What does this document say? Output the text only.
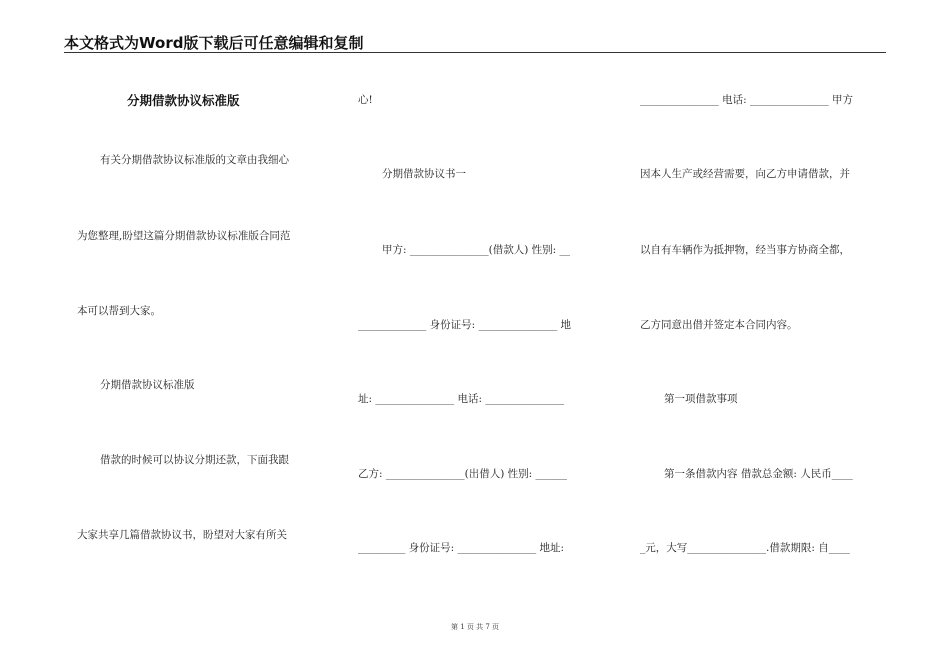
本文格式为Word版下载后可任意编辑和复制
分期借款协议标准版
有关分期借款协议标准版的文章由我细心
为您整理,盼望这篇分期借款协议标准版合同范
本可以帮到大家。
分期借款协议标准版
借款的时候可以协议分期还款，下面我跟
大家共享几篇借款协议书，盼望对大家有所关
心!
分期借款协议书一
甲方: _______________(借款人) 性别: __
_____________ 身份证号: _______________ 地
址: _______________ 电话: _______________
乙方: _______________(出借人) 性别: ______
_________ 身份证号: _______________ 地址:
_______________ 电话: _______________ 甲方
因本人生产或经营需要，向乙方申请借款，并
以自有车辆作为抵押物，经当事方协商全都，
乙方同意出借并签定本合同内容。
第一项借款事项
第一条借款内容 借款总金额: 人民币____
_元，大写_______________.借款期限: 自____
第 1 页 共 7 页
